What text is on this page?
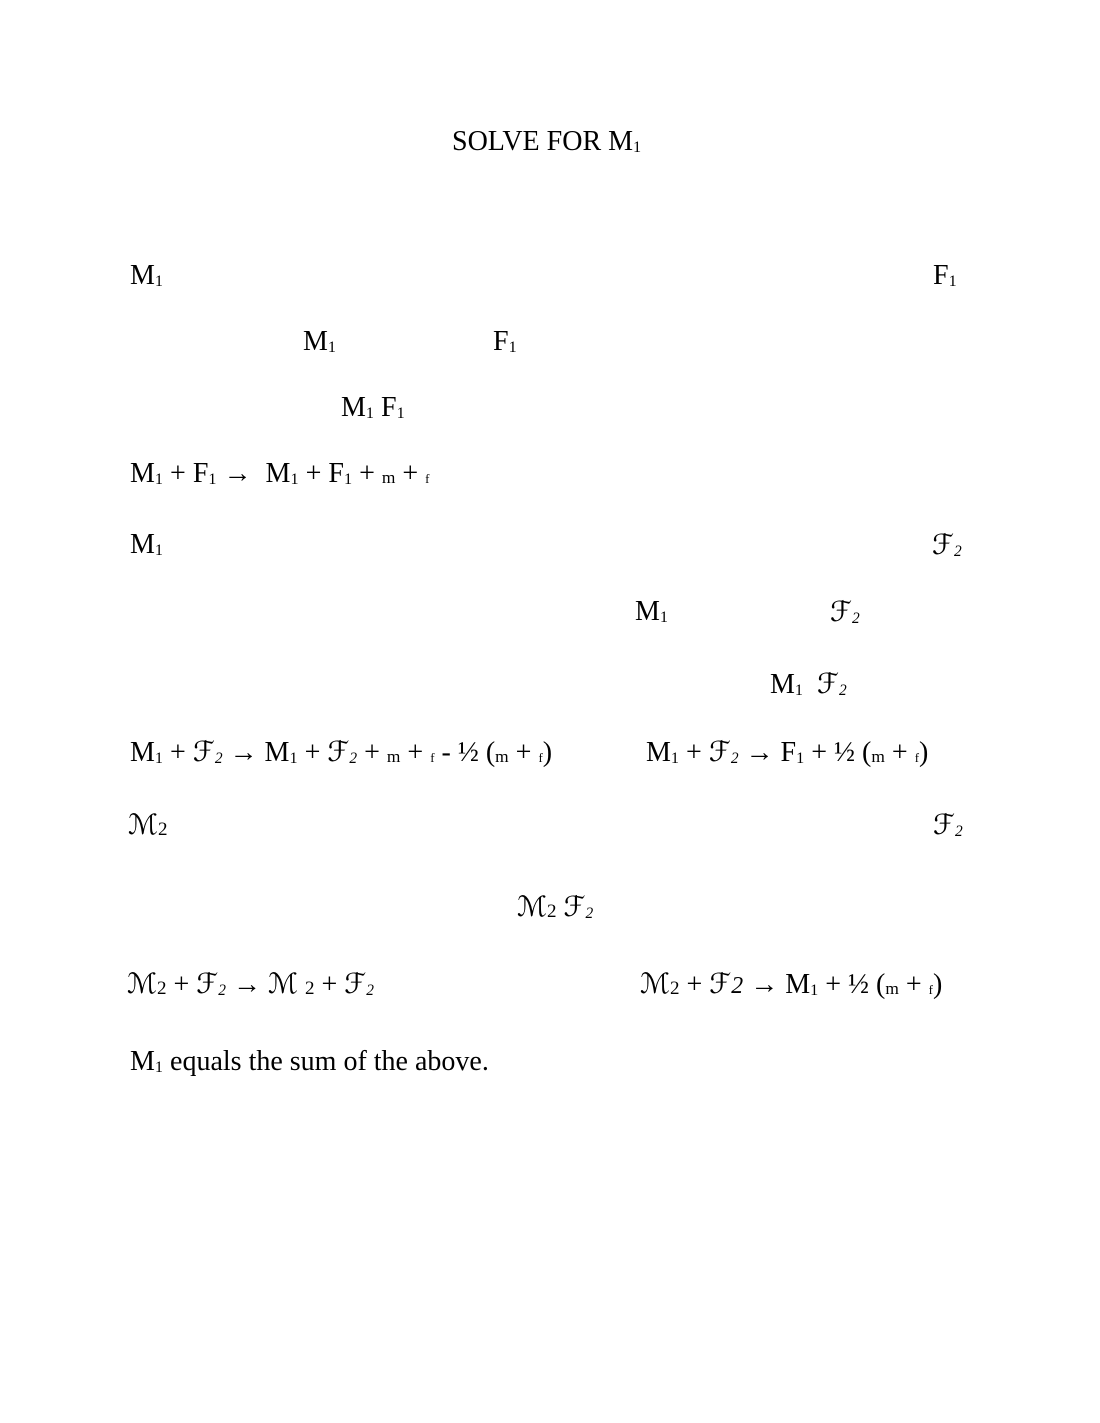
SOLVE FOR M1
M1	F1
M1	F1
M1 F1
M1 + F1 →  M1 + F1 + m + f
M1	ℱ2
M1	ℱ2
M1 ℱ2
M1 + ℱ2 → M1 + ℱ2 + m + f - ½ (m + f)	M1 + ℱ2 → F1 + ½ (m + f)
ℳ2	ℱ2
ℳ2 ℱ2
ℳ2 + ℱ2 → ℳ 2 + ℱ2	ℳ2 + ℱ2 → M1 + ½ (m + f)
M1 equals the sum of the above.
